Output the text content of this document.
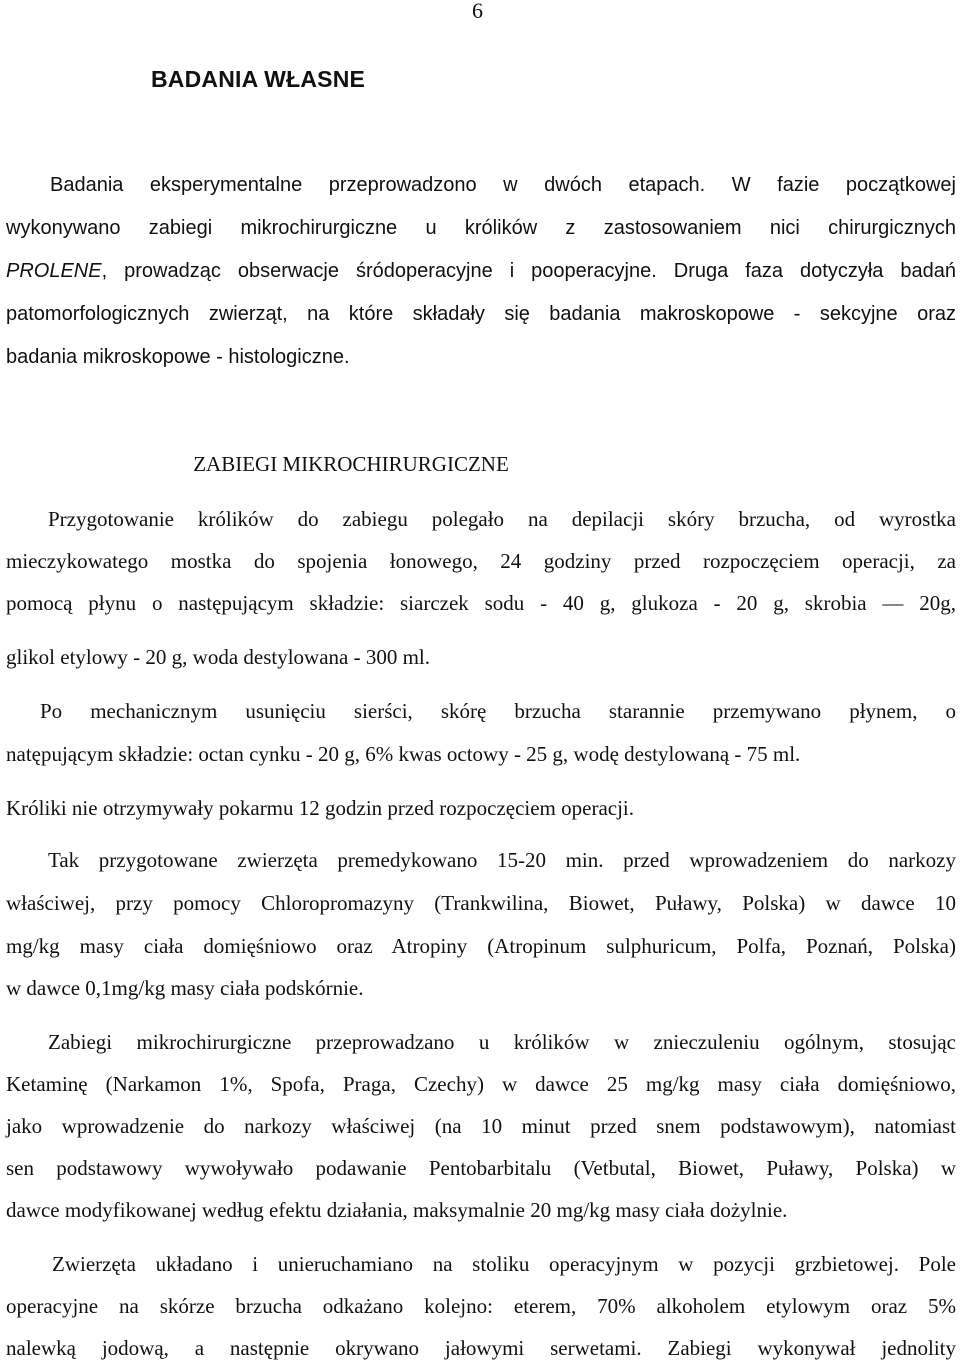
6
BADANIA WŁASNE
Badania eksperymentalne przeprowadzono w dwóch etapach. W fazie początkowej
wykonywano zabiegi mikrochirurgiczne u królików z zastosowaniem nici chirurgicznych
PROLENE, prowadząc obserwacje śródoperacyjne i pooperacyjne. Druga faza dotyczyła badań
patomorfologicznych zwierząt, na które składały się badania makroskopowe - sekcyjne oraz
badania mikroskopowe - histologiczne.
ZABIEGI MIKROCHIRURGICZNE
Przygotowanie królików do zabiegu polegało na depilacji skóry brzucha, od wyrostka
mieczykowatego mostka do spojenia łonowego, 24 godziny przed rozpoczęciem operacji, za
pomocą płynu o następującym składzie: siarczek sodu - 40 g, glukoza - 20 g, skrobia — 20g,
glikol etylowy - 20 g, woda destylowana - 300 ml.
Po mechanicznym usunięciu sierści, skórę brzucha starannie przemywano płynem, o
natępującym składzie: octan cynku - 20 g, 6% kwas octowy - 25 g, wodę destylowaną - 75 ml.
Króliki nie otrzymywały pokarmu 12 godzin przed rozpoczęciem operacji.
Tak przygotowane zwierzęta premedykowano 15-20 min. przed wprowadzeniem do narkozy
właściwej, przy pomocy Chloropromazyny (Trankwilina, Biowet, Puławy, Polska) w dawce 10
mg/kg masy ciała domięśniowo oraz Atropiny (Atropinum sulphuricum, Polfa, Poznań, Polska)
w dawce 0,1mg/kg masy ciała podskórnie.
Zabiegi mikrochirurgiczne przeprowadzano u królików w znieczuleniu ogólnym, stosując
Ketaminę (Narkamon 1%, Spofa, Praga, Czechy) w dawce 25 mg/kg masy ciała domięśniowo,
jako wprowadzenie do narkozy właściwej (na 10 minut przed snem podstawowym), natomiast
sen podstawowy wywoływało podawanie Pentobarbitalu (Vetbutal, Biowet, Puławy, Polska) w
dawce modyfikowanej według efektu działania, maksymalnie 20 mg/kg masy ciała dożylnie.
Zwierzęta układano i unieruchamiano na stoliku operacyjnym w pozycji grzbietowej. Pole
operacyjne na skórze brzucha odkażano kolejno: eterem, 70% alkoholem etylowym oraz 5%
nalewką jodową, a następnie okrywano jałowymi serwetami. Zabiegi wykonywał jednolity
